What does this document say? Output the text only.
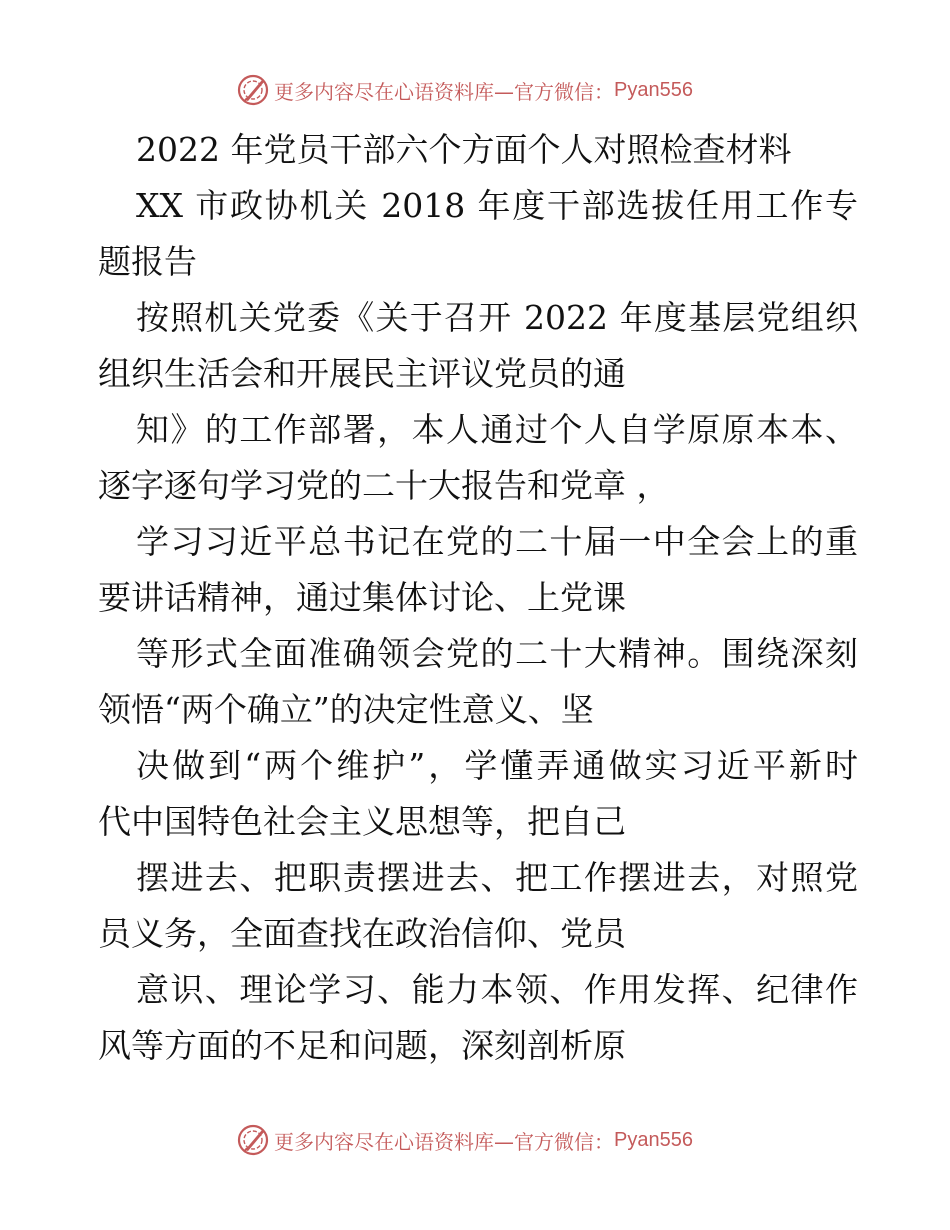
更多内容尽在心语资料库—官方微信： Pyan556
2022 年党员干部六个方面个人对照检查材料
XX 市政协机关 2018 年度干部选拔任用工作专
题报告
按照机关党委《关于召开 2022 年度基层党组织
组织生活会和开展民主评议党员的通
知》的工作部署，本人通过个人自学原原本本、
逐字逐句学习党的二十大报告和党章 ，
学习习近平总书记在党的二十届一中全会上的重
要讲话精神，通过集体讨论、上党课
等形式全面准确领会党的二十大精神。围绕深刻
领悟“两个确立”的决定性意义、坚
决做到“两个维护”，学懂弄通做实习近平新时
代中国特色社会主义思想等，把自己
摆进去、把职责摆进去、把工作摆进去，对照党
员义务，全面查找在政治信仰、党员
意识、理论学习、能力本领、作用发挥、纪律作
风等方面的不足和问题，深刻剖析原
更多内容尽在心语资料库—官方微信： Pyan556
